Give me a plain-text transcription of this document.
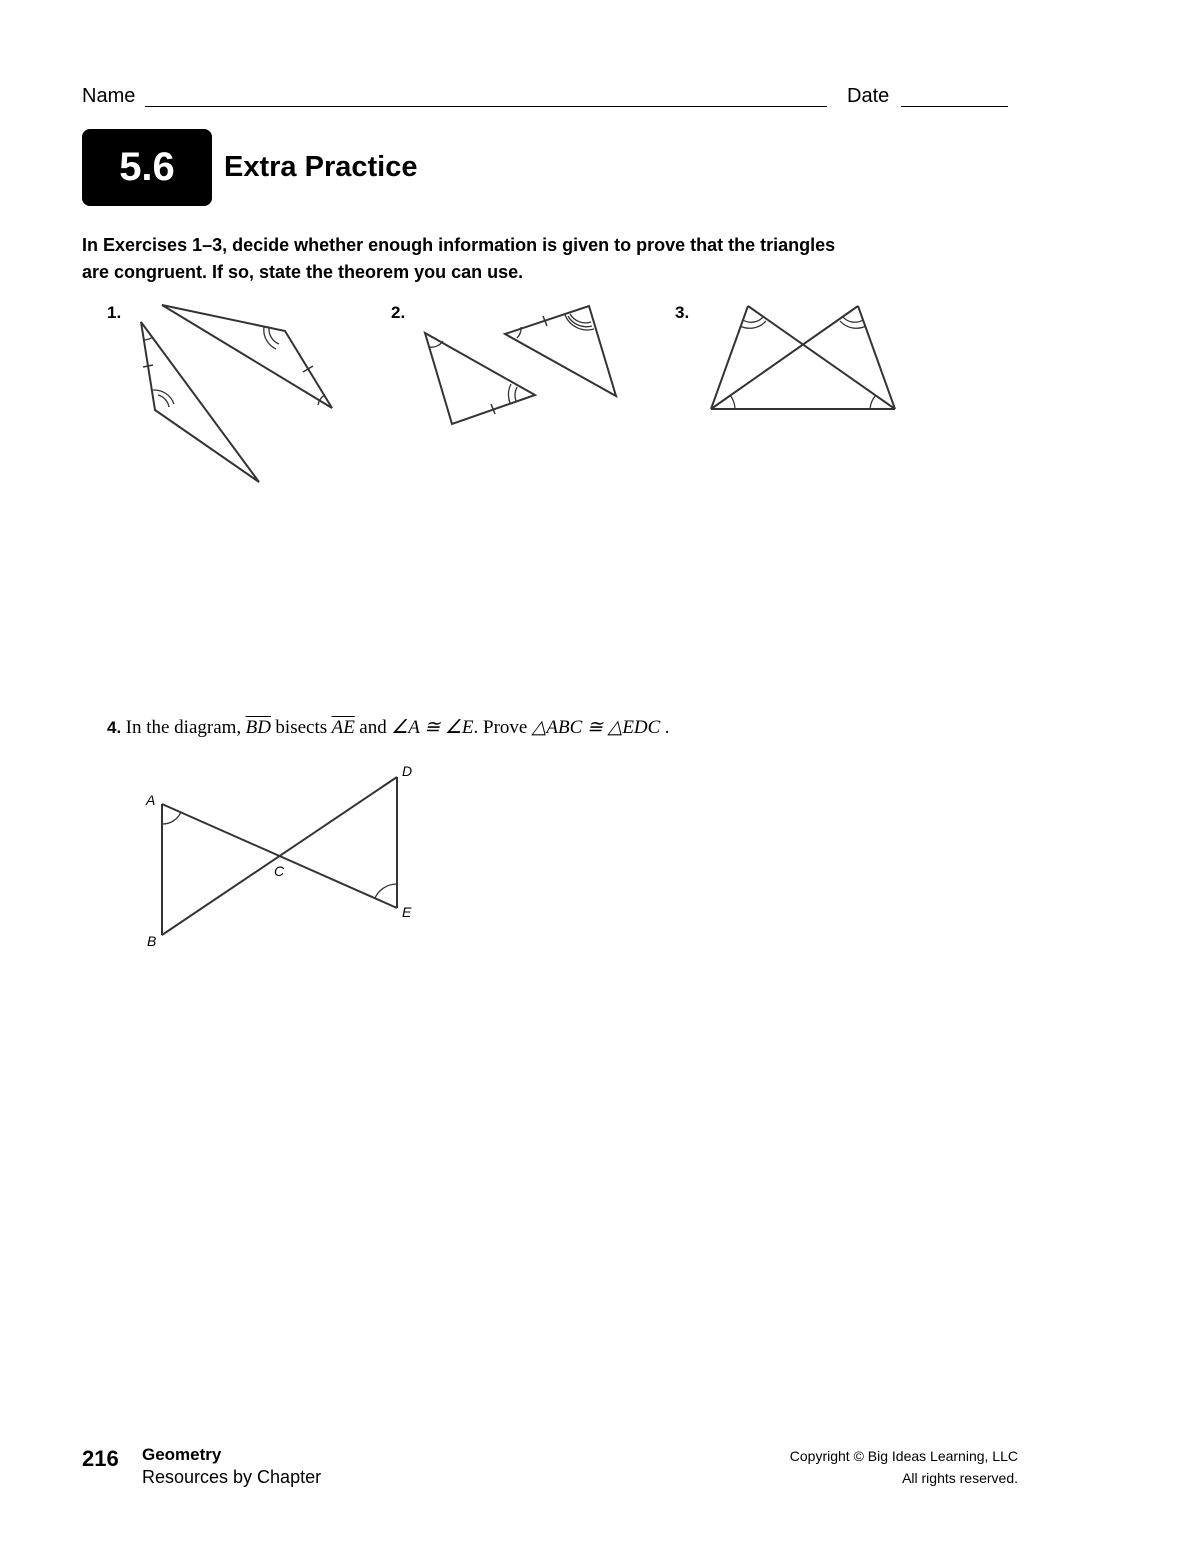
Name	Date
5.6	Extra Practice
In Exercises 1–3, decide whether enough information is given to prove that the triangles are congruent. If so, state the theorem you can use.
1.	2.	3.
A
B
C
D
E
4. In the diagram, $\overline{BD}$ bisects $\overline{AE}$ and ∠A ≅ ∠E. Prove △ABC ≅ △EDC .
216 Geometry
Resources by Chapter
Copyright © Big Ideas Learning, LLC
All rights reserved.
